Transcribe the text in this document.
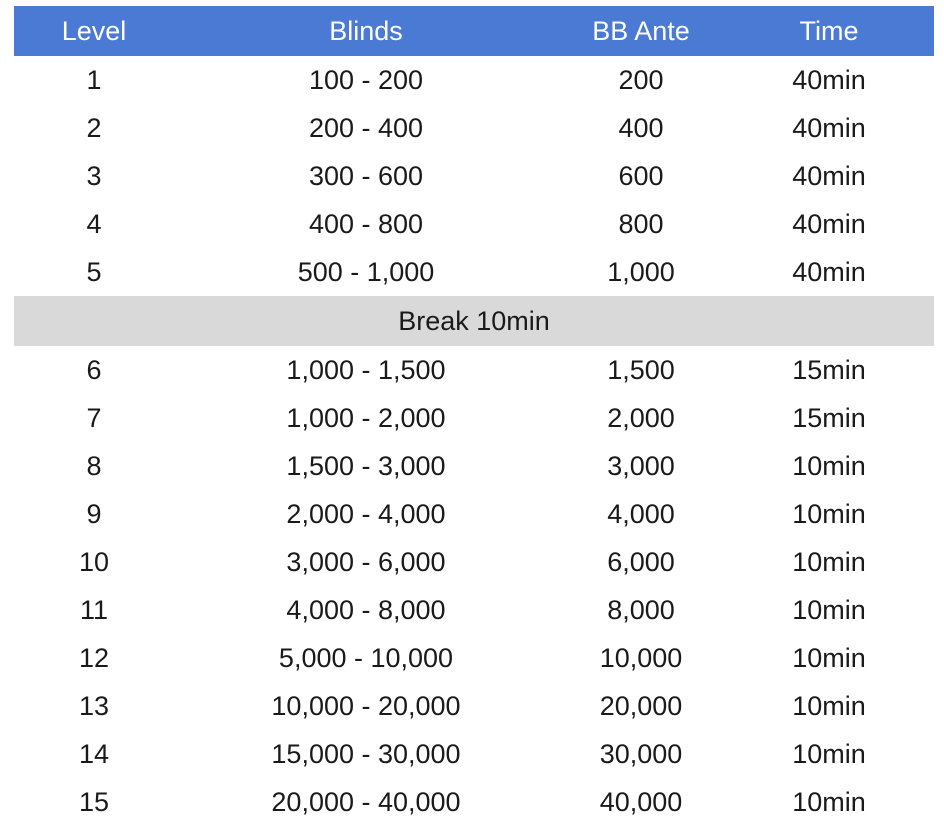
Level	Blinds	BB Ante	Time
1	100 - 200	200	40min
2	200 - 400	400	40min
3	300 - 600	600	40min
4	400 - 800	800	40min
5	500 - 1,000	1,000	40min
Break 10min			
6	1,000 - 1,500	1,500	15min
7	1,000 - 2,000	2,000	15min
8	1,500 - 3,000	3,000	10min
9	2,000 - 4,000	4,000	10min
10	3,000 - 6,000	6,000	10min
11	4,000 - 8,000	8,000	10min
12	5,000 - 10,000	10,000	10min
13	10,000 - 20,000	20,000	10min
14	15,000 - 30,000	30,000	10min
15	20,000 - 40,000	40,000	10min
